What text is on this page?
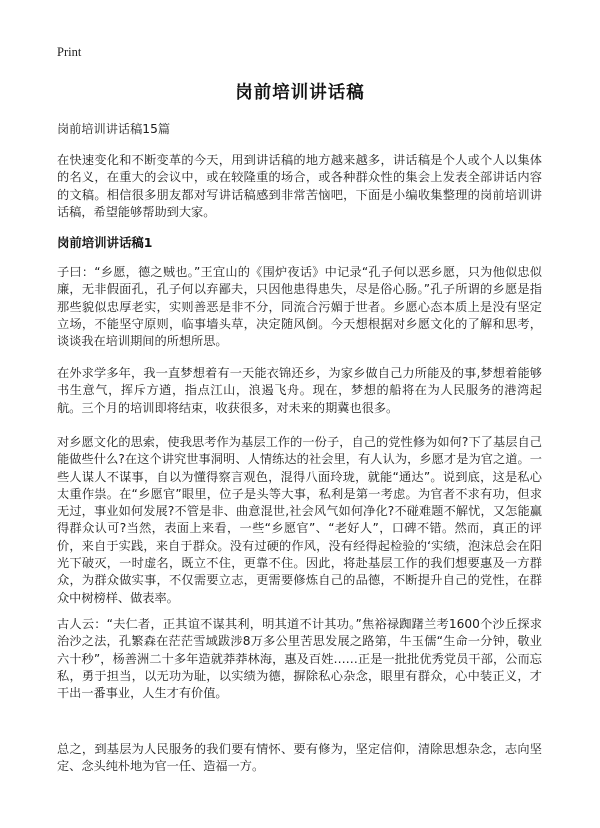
Print
岗前培训讲话稿

岗前培训讲话稿15篇

在快速变化和不断变革的今天，用到讲话稿的地方越来越多，讲话稿是个人或个人以集体的名义，在重大的会议中，或在较隆重的场合，或各种群众性的集会上发表全部讲话内容的文稿。相信很多朋友都对写讲话稿感到非常苦恼吧，下面是小编收集整理的岗前培训讲话稿，希望能够帮助到大家。

岗前培训讲话稿1

子曰：“乡愿，德之贼也。”王宜山的《围炉夜话》中记录“孔子何以恶乡愿，只为他似忠似廉，无非假面孔，孔子何以弃鄙夫，只因他患得患失，尽是俗心肠。”孔子所谓的乡愿是指那些貌似忠厚老实，实则善恶是非不分，同流合污媚于世者。乡愿心态本质上是没有坚定立场，不能坚守原则，临事墙头草，决定随风倒。今天想根据对乡愿文化的了解和思考，谈谈我在培训期间的所想所思。

在外求学多年，我一直梦想着有一天能衣锦还乡，为家乡做自己力所能及的事,梦想着能够书生意气，挥斥方遒，指点江山，浪遏飞舟。现在，梦想的船将在为人民服务的港湾起航。三个月的培训即将结束，收获很多，对未来的期冀也很多。

对乡愿文化的思索，使我思考作为基层工作的一份子，自己的党性修为如何?下了基层自己能做些什么?在这个讲究世事洞明、人情练达的社会里，有人认为，乡愿才是为官之道。一些人谋人不谋事，自以为懂得察言观色，混得八面玲珑，就能“通达”。说到底，这是私心太重作祟。在“乡愿官”眼里，位子是头等大事，私利是第一考虑。为官者不求有功，但求无过，事业如何发展?不管是非、曲意混世,社会风气如何净化?不碰难题不解忧，又怎能赢得群众认可?当然，表面上来看，一些“乡愿官”、“老好人”，口碑不错。然而，真正的评价，来自于实践，来自于群众。没有过硬的作风，没有经得起检验的‘实绩，泡沫总会在阳光下破灭，一时虚名，既立不住，更靠不住。因此，将赴基层工作的我们想要惠及一方群众，为群众做实事，不仅需要立志，更需要修炼自己的品德，不断提升自己的党性，在群众中树榜样、做表率。

古人云：“夫仁者，正其谊不谋其利，明其道不计其功。”焦裕禄踟躇兰考1600个沙丘探求治沙之法，孔繁森在茫茫雪域跋涉8万多公里苦思发展之路第，牛玉儒“生命一分钟，敬业六十秒”，杨善洲二十多年造就莽莽林海，惠及百姓……正是一批批优秀党员干部，公而忘私，勇于担当，以无功为耻，以实绩为德，摒除私心杂念，眼里有群众，心中装正义，才干出一番事业，人生才有价值。

总之，到基层为人民服务的我们要有情怀、要有修为，坚定信仰，清除思想杂念，志向坚定、念头纯朴地为官一任、造福一方。
